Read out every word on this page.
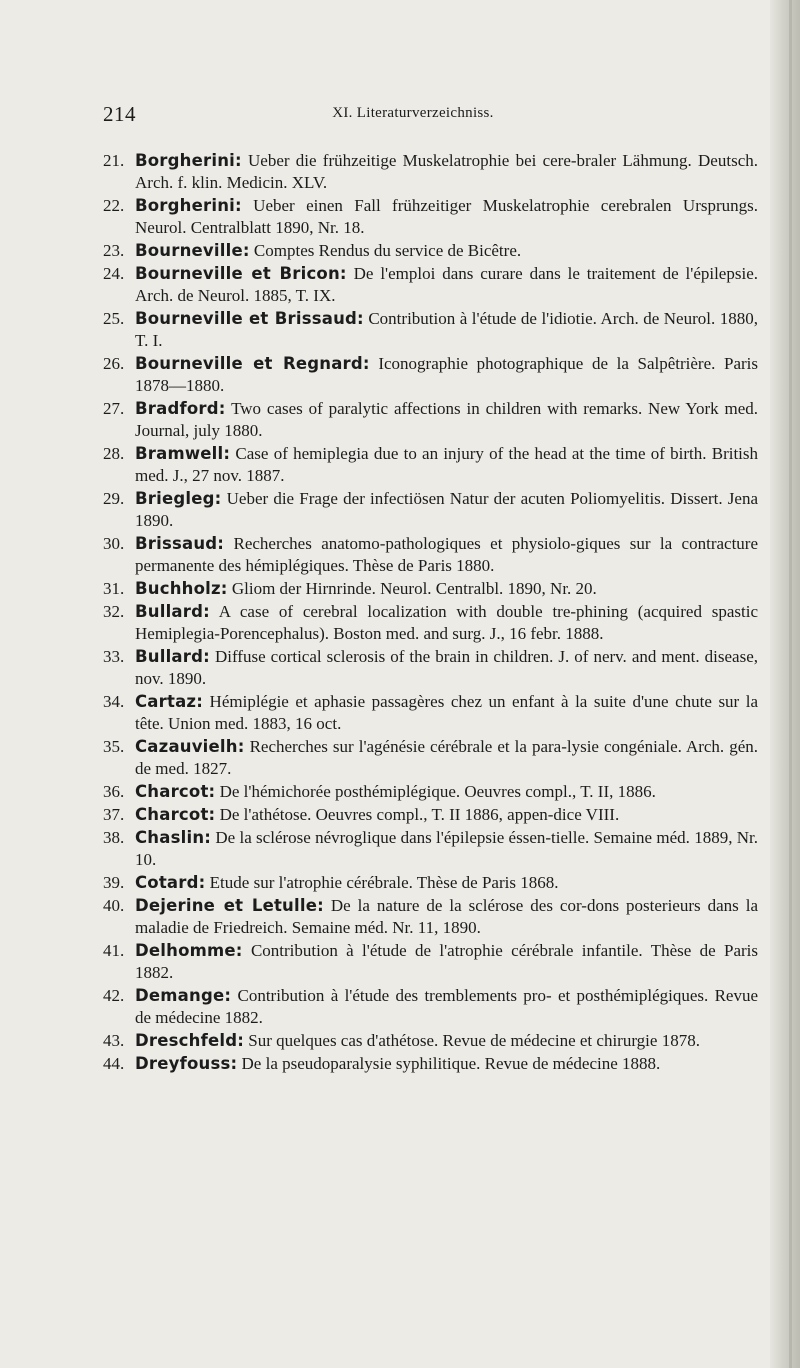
214	XI. Literaturverzeichniss.
21. Borgherini: Ueber die frühzeitige Muskelatrophie bei cere-braler Lähmung. Deutsch. Arch. f. klin. Medicin. XLV.
22. Borgherini: Ueber einen Fall frühzeitiger Muskelatrophie cerebralen Ursprungs. Neurol. Centralblatt 1890, Nr. 18.
23. Bourneville: Comptes Rendus du service de Bicêtre.
24. Bourneville et Bricon: De l'emploi dans curare dans le traitement de l'épilepsie. Arch. de Neurol. 1885, T. IX.
25. Bourneville et Brissaud: Contribution à l'étude de l'idiotie. Arch. de Neurol. 1880, T. I.
26. Bourneville et Regnard: Iconographie photographique de la Salpêtrière. Paris 1878—1880.
27. Bradford: Two cases of paralytic affections in children with remarks. New York med. Journal, july 1880.
28. Bramwell: Case of hemiplegia due to an injury of the head at the time of birth. British med. J., 27 nov. 1887.
29. Briegleg: Ueber die Frage der infectiösen Natur der acuten Poliomyelitis. Dissert. Jena 1890.
30. Brissaud: Recherches anatomo-pathologiques et physiolo-giques sur la contracture permanente des hémiplégiques. Thèse de Paris 1880.
31. Buchholz: Gliom der Hirnrinde. Neurol. Centralbl. 1890, Nr. 20.
32. Bullard: A case of cerebral localization with double tre-phining (acquired spastic Hemiplegia-Porencephalus). Boston med. and surg. J., 16 febr. 1888.
33. Bullard: Diffuse cortical sclerosis of the brain in children. J. of nerv. and ment. disease, nov. 1890.
34. Cartaz: Hémiplégie et aphasie passagères chez un enfant à la suite d'une chute sur la tête. Union med. 1883, 16 oct.
35. Cazauvielh: Recherches sur l'agénésie cérébrale et la para-lysie congéniale. Arch. gén. de med. 1827.
36. Charcot: De l'hémichorée posthémiplégique. Oeuvres compl., T. II, 1886.
37. Charcot: De l'athétose. Oeuvres compl., T. II 1886, appen-dice VIII.
38. Chaslin: De la sclérose névroglique dans l'épilepsie éssen-tielle. Semaine méd. 1889, Nr. 10.
39. Cotard: Etude sur l'atrophie cérébrale. Thèse de Paris 1868.
40. Dejerine et Letulle: De la nature de la sclérose des cor-dons posterieurs dans la maladie de Friedreich. Semaine méd. Nr. 11, 1890.
41. Delhomme: Contribution à l'étude de l'atrophie cérébrale infantile. Thèse de Paris 1882.
42. Demange: Contribution à l'étude des tremblements pro- et posthémiplégiques. Revue de médecine 1882.
43. Dreschfeld: Sur quelques cas d'athétose. Revue de médecine et chirurgie 1878.
44. Dreyfouss: De la pseudoparalysie syphilitique. Revue de médecine 1888.
